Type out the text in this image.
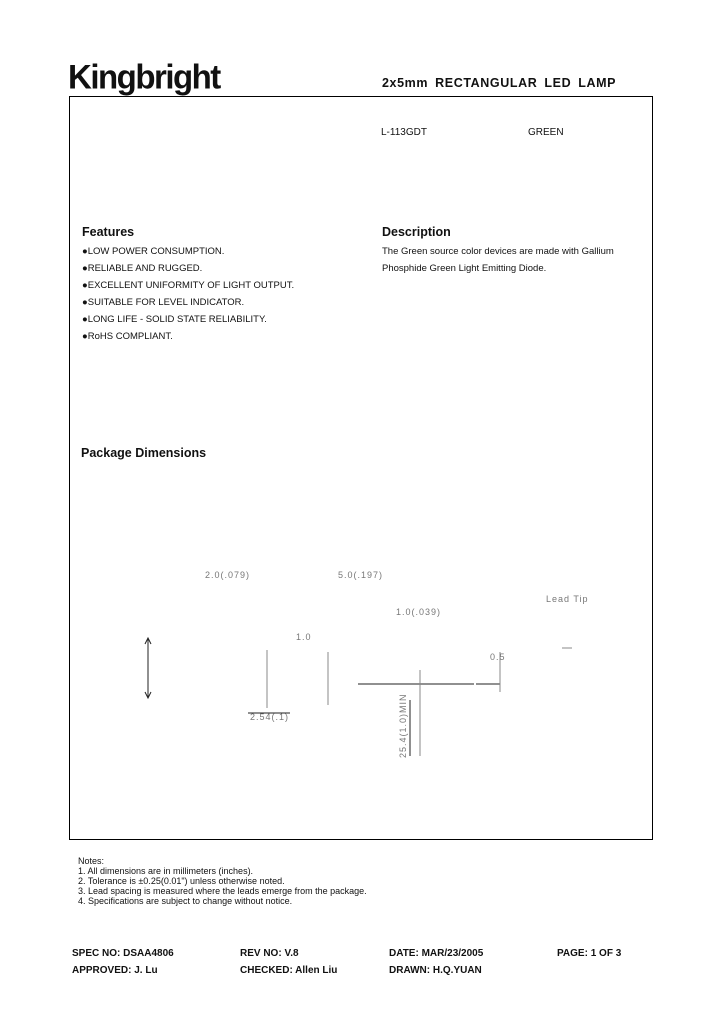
Kingbright	2x5mm RECTANGULAR LED LAMP
L-113GDT	GREEN
Features
●LOW POWER CONSUMPTION.
●RELIABLE AND RUGGED.
●EXCELLENT UNIFORMITY OF LIGHT OUTPUT.
●SUITABLE FOR LEVEL INDICATOR.
●LONG LIFE - SOLID STATE RELIABILITY.
●RoHS COMPLIANT.
Description
The Green source color devices are made with Gallium Phosphide Green Light Emitting Diode.
Package Dimensions
2.0(.079)	5.0(.197)
1.0(.039)
2.54(.1)
Lead Tip
1.0
25.4(1.0)MIN
0.5
Notes:
1. All dimensions are in millimeters (inches).
2. Tolerance is ±0.25(0.01") unless otherwise noted.
3. Lead spacing is measured where the leads emerge from the package.
4. Specifications are subject to change without notice.
SPEC NO: DSAA4806	REV NO: V.8	DATE: MAR/23/2005	PAGE: 1 OF 3
APPROVED: J. Lu	CHECKED: Allen Liu	DRAWN: H.Q.YUAN
